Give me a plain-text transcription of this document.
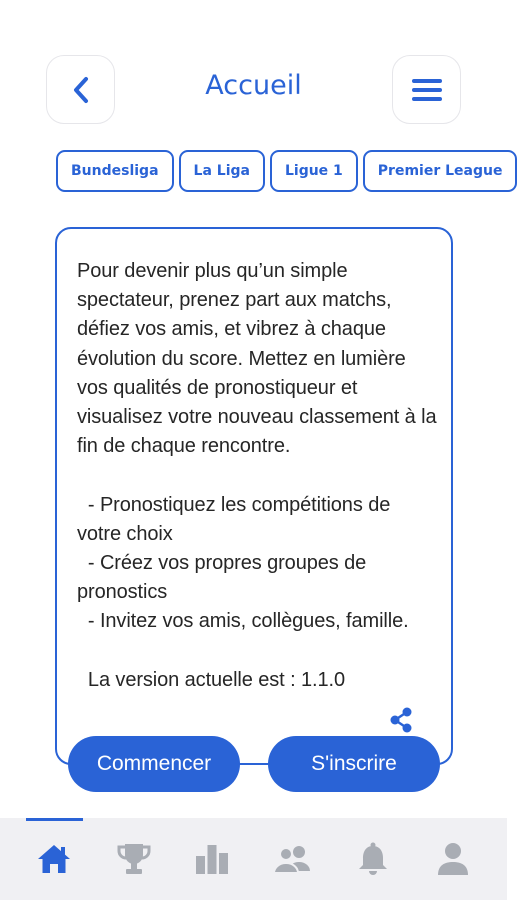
Accueil
Bundesliga	La Liga	Ligue 1	Premier League
Pour devenir plus qu’un simple spectateur, prenez part aux matchs, défiez vos amis, et vibrez à chaque évolution du score. Mettez en lumière vos qualités de pronostiqueur et visualisez votre nouveau classement à la fin de chaque rencontre.

- Pronostiquez les compétitions de votre choix
- Créez vos propres groupes de pronostics
- Invitez vos amis, collègues, famille.

La version actuelle est : 1.1.0
Commencer	S'inscrire
